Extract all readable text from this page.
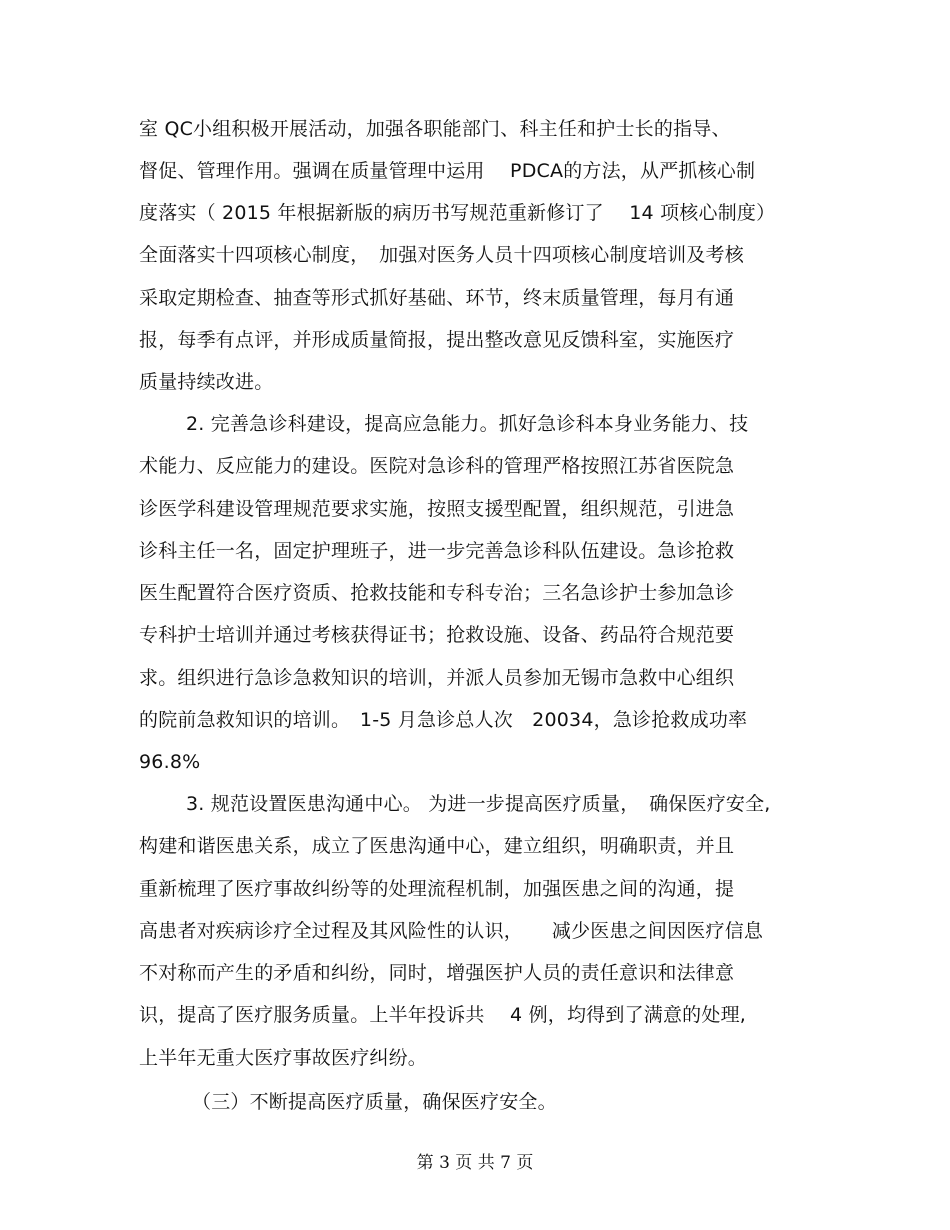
室 QC小组积极开展活动，加强各职能部门、科主任和护士长的指导、
督促、管理作用。强调在质量管理中运用　 PDCA的方法，从严抓核心制
度落实（ 2015 年根据新版的病历书写规范重新修订了　 14 项核心制度）
全面落实十四项核心制度，　加强对医务人员十四项核心制度培训及考核
采取定期检查、抽查等形式抓好基础、环节，终末质量管理，每月有通
报，每季有点评，并形成质量简报，提出整改意见反馈科室，实施医疗
质量持续改进。
2. 完善急诊科建设，提高应急能力。抓好急诊科本身业务能力、技
术能力、反应能力的建设。医院对急诊科的管理严格按照江苏省医院急
诊医学科建设管理规范要求实施，按照支援型配置，组织规范，引进急
诊科主任一名，固定护理班子，进一步完善急诊科队伍建设。急诊抢救
医生配置符合医疗资质、抢救技能和专科专治；三名急诊护士参加急诊
专科护士培训并通过考核获得证书；抢救设施、设备、药品符合规范要
求。组织进行急诊急救知识的培训，并派人员参加无锡市急救中心组织
的院前急救知识的培训。　1-5 月急诊总人次　20034，急诊抢救成功率
96.8%
3. 规范设置医患沟通中心。 为进一步提高医疗质量，　确保医疗安全,
构建和谐医患关系，成立了医患沟通中心，建立组织，明确职责，并且
重新梳理了医疗事故纠纷等的处理流程机制，加强医患之间的沟通，提
高患者对疾病诊疗全过程及其风险性的认识，　　减少医患之间因医疗信息
不对称而产生的矛盾和纠纷，同时，增强医护人员的责任意识和法律意
识，提高了医疗服务质量。上半年投诉共　 4 例，均得到了满意的处理,
上半年无重大医疗事故医疗纠纷。
（三）不断提高医疗质量，确保医疗安全。
第 3 页 共 7 页
